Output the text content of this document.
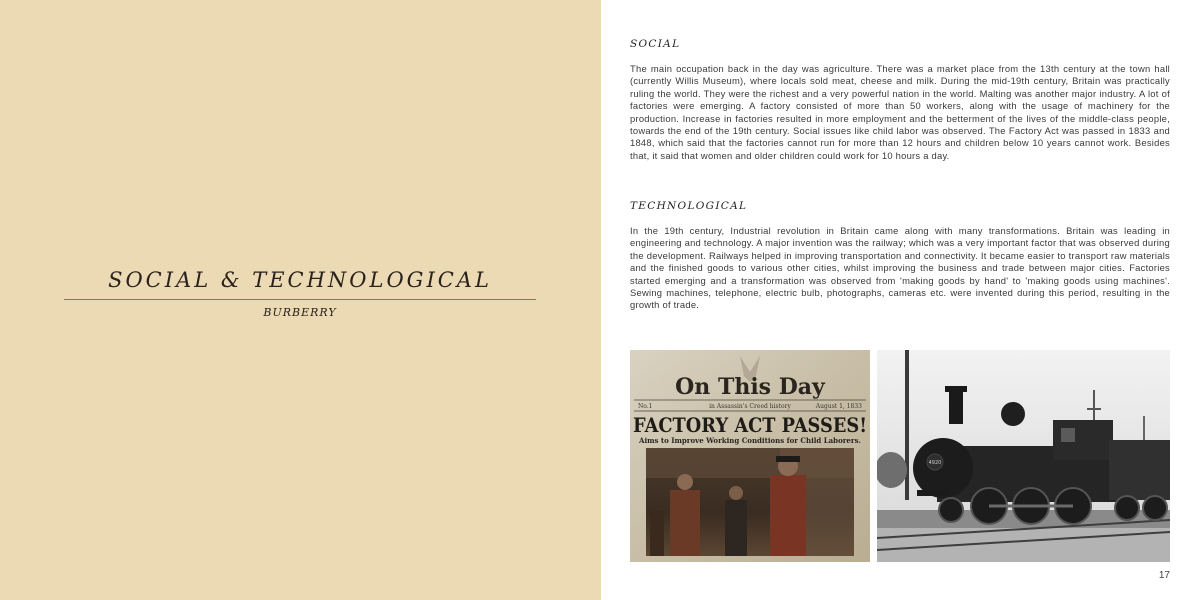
SOCIAL & TECHNOLOGICAL
BURBERRY
SOCIAL

The main occupation back in the day was agriculture. There was a market place from the 13th century at the town hall (currently Willis Museum), where locals sold meat, cheese and milk. During the mid-19th century, Britain was practically ruling the world. They were the richest and a very powerful nation in the world. Malting was another major industry. A lot of factories were emerging. A factory consisted of more than 50 workers, along with the usage of machinery for the production. Increase in factories resulted in more employment and the betterment of the lives of the middle-class people, towards the end of the 19th century. Social issues like child labor was observed. The Factory Act was passed in 1833 and 1848, which said that the factories cannot run for more than 12 hours and children below 10 years cannot work. Besides that, it said that women and older children could work for 10 hours a day.

TECHNOLOGICAL

In the 19th century, Industrial revolution in Britain came along with many transformations. Britain was leading in engineering and technology. A major invention was the railway; which was a very important factor that was observed during the development. Railways helped in improving transportation and connectivity. It became easier to transport raw materials and the finished goods to various other cities, whilst improving the business and trade between major cities. Factories started emerging and a transformation was observed from 'making goods by hand' to 'making goods using machines'. Sewing machines, telephone, electric bulb, photographs, cameras etc. were invented during this period, resulting in the growth of trade.

On This Day
No.1	in Assassin's Creed history	August 1, 1833
FACTORY ACT PASSES!
Aims to Improve Working Conditions for Child Laborers.
4920
17
